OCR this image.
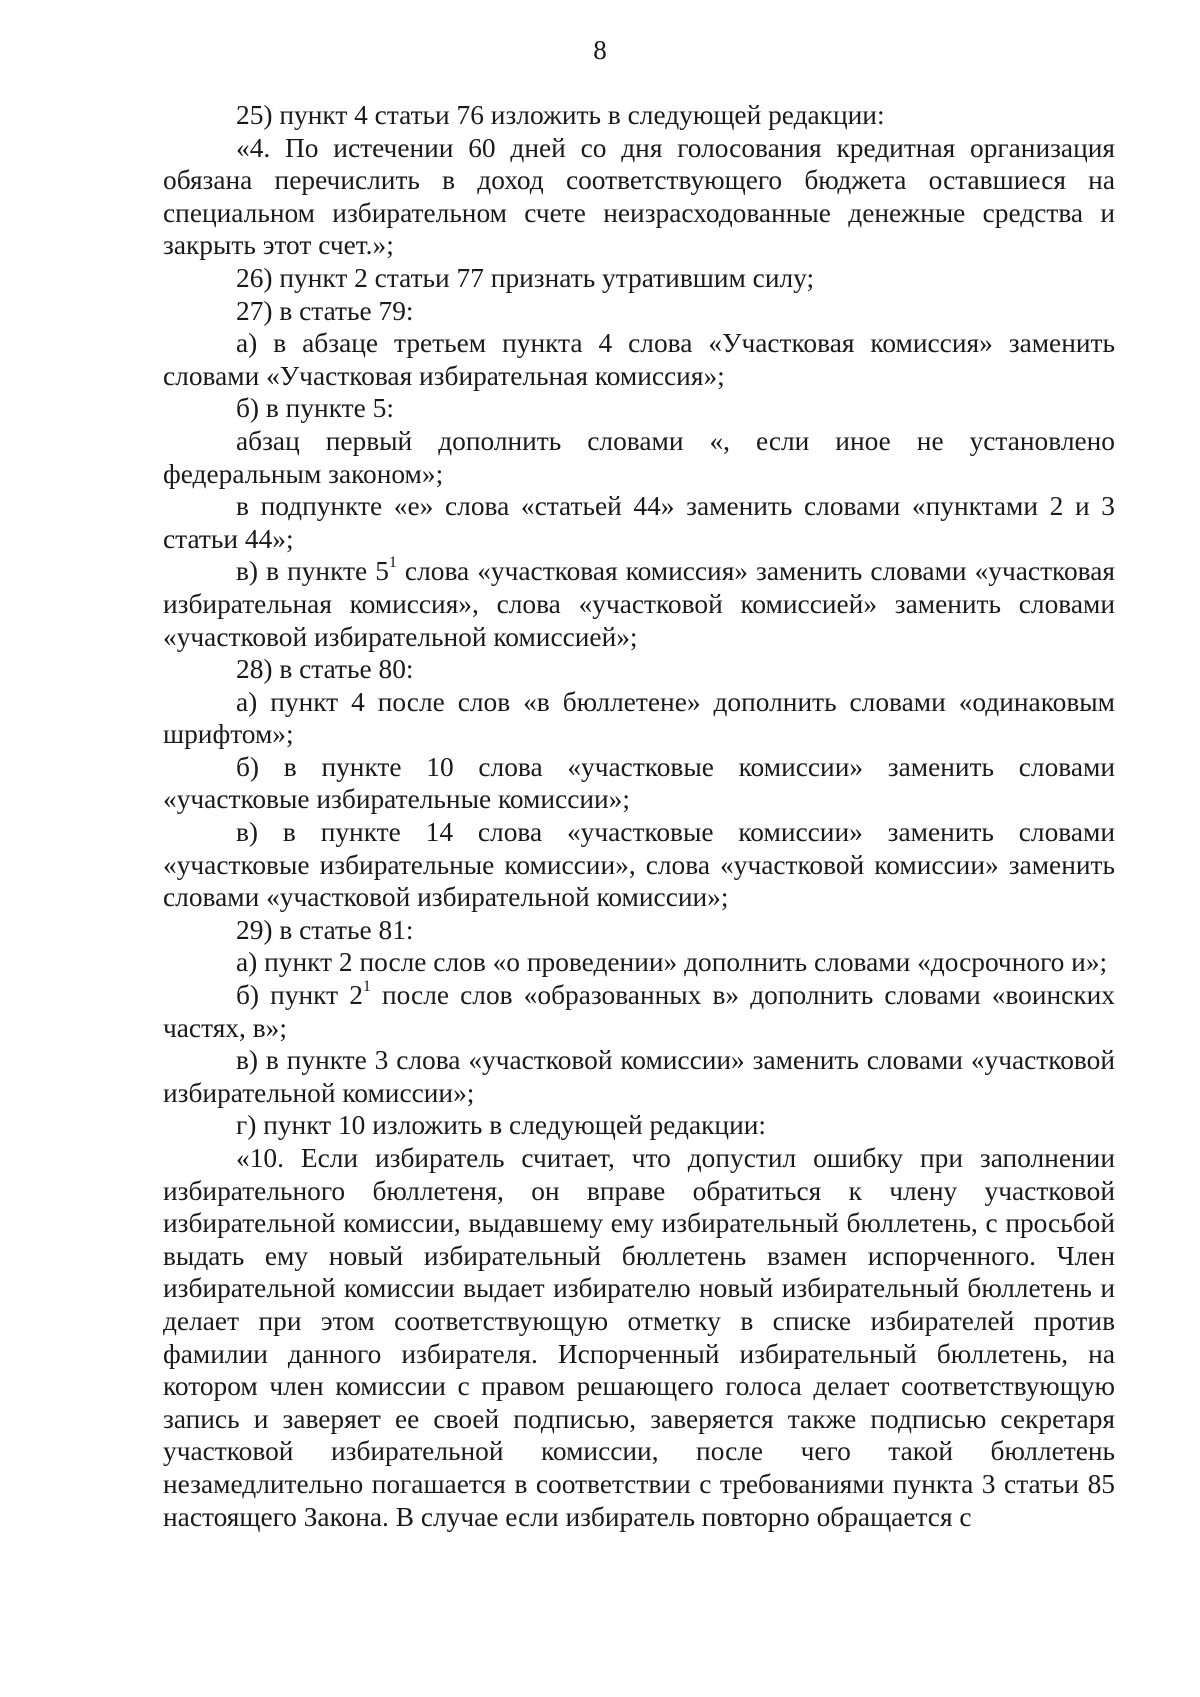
8

25) пункт 4 статьи 76 изложить в следующей редакции:

«4. По истечении 60 дней со дня голосования кредитная организация обязана перечислить в доход соответствующего бюджета оставшиеся на специальном избирательном счете неизрасходованные денежные средства и закрыть этот счет.»;

26) пункт 2 статьи 77 признать утратившим силу;

27) в статье 79:

а) в абзаце третьем пункта 4 слова «Участковая комиссия» заменить словами «Участковая избирательная комиссия»;

б) в пункте 5:

абзац первый дополнить словами «, если иное не установлено федеральным законом»;

в подпункте «е» слова «статьей 44» заменить словами «пунктами 2 и 3 статьи 44»;

в) в пункте $5^1$ слова «участковая комиссия» заменить словами «участковая избирательная комиссия», слова «участковой комиссией» заменить словами «участковой избирательной комиссией»;

28) в статье 80:

а) пункт 4 после слов «в бюллетене» дополнить словами «одинаковым шрифтом»;

б) в пункте 10 слова «участковые комиссии» заменить словами «участковые избирательные комиссии»;

в) в пункте 14 слова «участковые комиссии» заменить словами «участковые избирательные комиссии», слова «участковой комиссии» заменить словами «участковой избирательной комиссии»;

29) в статье 81:

а) пункт 2 после слов «о проведении» дополнить словами «досрочного и»;

б) пункт $2^1$ после слов «образованных в» дополнить словами «воинских частях, в»;

в) в пункте 3 слова «участковой комиссии» заменить словами «участковой избирательной комиссии»;

г) пункт 10 изложить в следующей редакции:

«10. Если избиратель считает, что допустил ошибку при заполнении избирательного бюллетеня, он вправе обратиться к члену участковой избирательной комиссии, выдавшему ему избирательный бюллетень, с просьбой выдать ему новый избирательный бюллетень взамен испорченного. Член избирательной комиссии выдает избирателю новый избирательный бюллетень и делает при этом соответствующую отметку в списке избирателей против фамилии данного избирателя. Испорченный избирательный бюллетень, на котором член комиссии с правом решающего голоса делает соответствующую запись и заверяет ее своей подписью, заверяется также подписью секретаря участковой избирательной комиссии, после чего такой бюллетень незамедлительно погашается в соответствии с требованиями пункта 3 статьи 85 настоящего Закона. В случае если избиратель повторно обращается с
